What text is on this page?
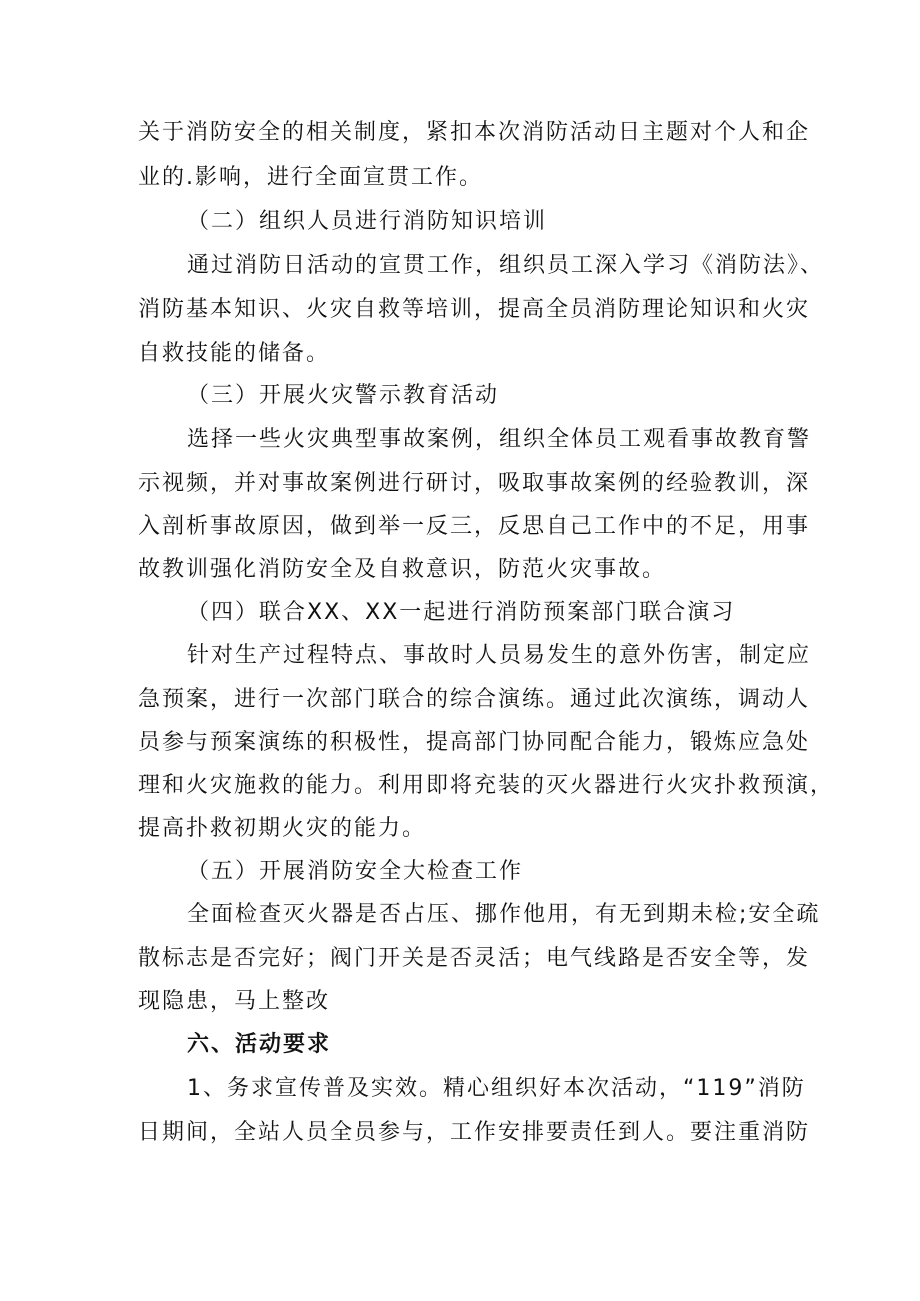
关于消防安全的相关制度，紧扣本次消防活动日主题对个人和企
业的.影响，进行全面宣贯工作。
（二）组织人员进行消防知识培训
通过消防日活动的宣贯工作，组织员工深入学习《消防法》、
消防基本知识、火灾自救等培训，提高全员消防理论知识和火灾
自救技能的储备。
（三）开展火灾警示教育活动
选择一些火灾典型事故案例，组织全体员工观看事故教育警
示视频，并对事故案例进行研讨，吸取事故案例的经验教训，深
入剖析事故原因，做到举一反三，反思自己工作中的不足，用事
故教训强化消防安全及自救意识，防范火灾事故。
（四）联合XX、XX一起进行消防预案部门联合演习
针对生产过程特点、事故时人员易发生的意外伤害，制定应
急预案，进行一次部门联合的综合演练。通过此次演练，调动人
员参与预案演练的积极性，提高部门协同配合能力，锻炼应急处
理和火灾施救的能力。利用即将充装的灭火器进行火灾扑救预演，
提高扑救初期火灾的能力。
（五）开展消防安全大检查工作
全面检查灭火器是否占压、挪作他用，有无到期未检;安全疏
散标志是否完好；阀门开关是否灵活；电气线路是否安全等，发
现隐患，马上整改
六、活动要求
1、务求宣传普及实效。精心组织好本次活动，“119”消防
日期间，全站人员全员参与，工作安排要责任到人。要注重消防
